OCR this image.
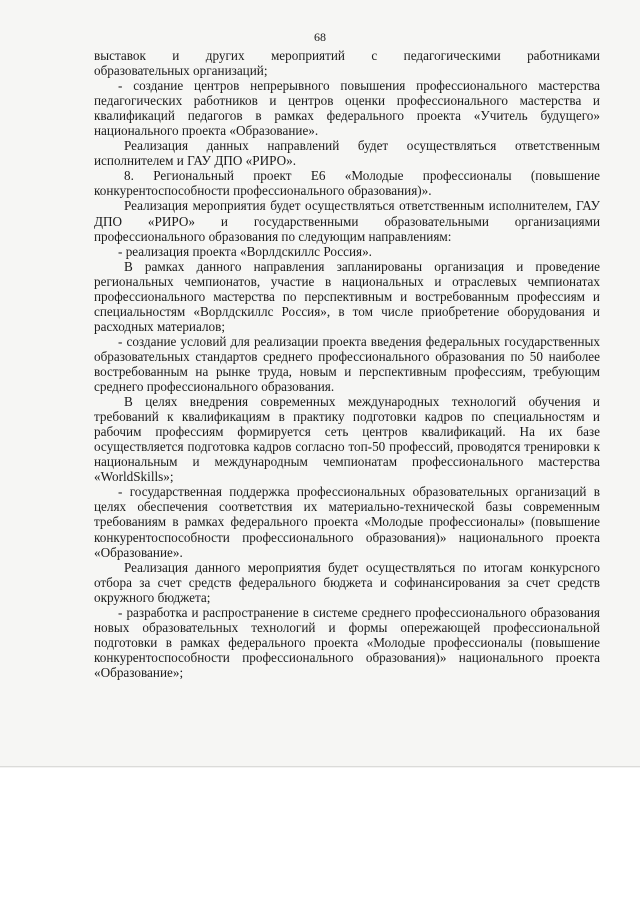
68

выставок и других мероприятий с педагогическими работниками

образовательных организаций;

- создание центров непрерывного повышения профессионального мастерства педагогических работников и центров оценки профессионального мастерства и квалификаций педагогов в рамках федерального проекта «Учитель будущего» национального проекта «Образование».

Реализация данных направлений будет осуществляться ответственным исполнителем и ГАУ ДПО «РИРО».

8. Региональный проект Е6 «Молодые профессионалы (повышение конкурентоспособности профессионального образования)».

Реализация мероприятия будет осуществляться ответственным исполнителем, ГАУ ДПО «РИРО» и государственными образовательными организациями профессионального образования по следующим направлениям:

- реализация проекта «Ворлдскиллс Россия».

В рамках данного направления запланированы организация и проведение региональных чемпионатов, участие в национальных и отраслевых чемпионатах профессионального мастерства по перспективным и востребованным профессиям и специальностям «Ворлдскиллс Россия», в том числе приобретение оборудования и расходных материалов;

- создание условий для реализации проекта введения федеральных государственных образовательных стандартов среднего профессионального образования по 50 наиболее востребованным на рынке труда, новым и перспективным профессиям, требующим среднего профессионального образования.

В целях внедрения современных международных технологий обучения и требований к квалификациям в практику подготовки кадров по специальностям и рабочим профессиям формируется сеть центров квалификаций. На их базе осуществляется подготовка кадров согласно топ-50 профессий, проводятся тренировки к национальным и международным чемпионатам профессионального мастерства «WorldSkills»;

- государственная поддержка профессиональных образовательных организаций в целях обеспечения соответствия их материально-технической базы современным требованиям в рамках федерального проекта «Молодые профессионалы» (повышение конкурентоспособности профессионального образования)» национального проекта «Образование».

Реализация данного мероприятия будет осуществляться по итогам конкурсного отбора за счет средств федерального бюджета и софинансирования за счет средств окружного бюджета;

- разработка и распространение в системе среднего профессионального образования новых образовательных технологий и формы опережающей профессиональной подготовки в рамках федерального проекта «Молодые профессионалы (повышение конкурентоспособности профессионального образования)» национального проекта «Образование»;
